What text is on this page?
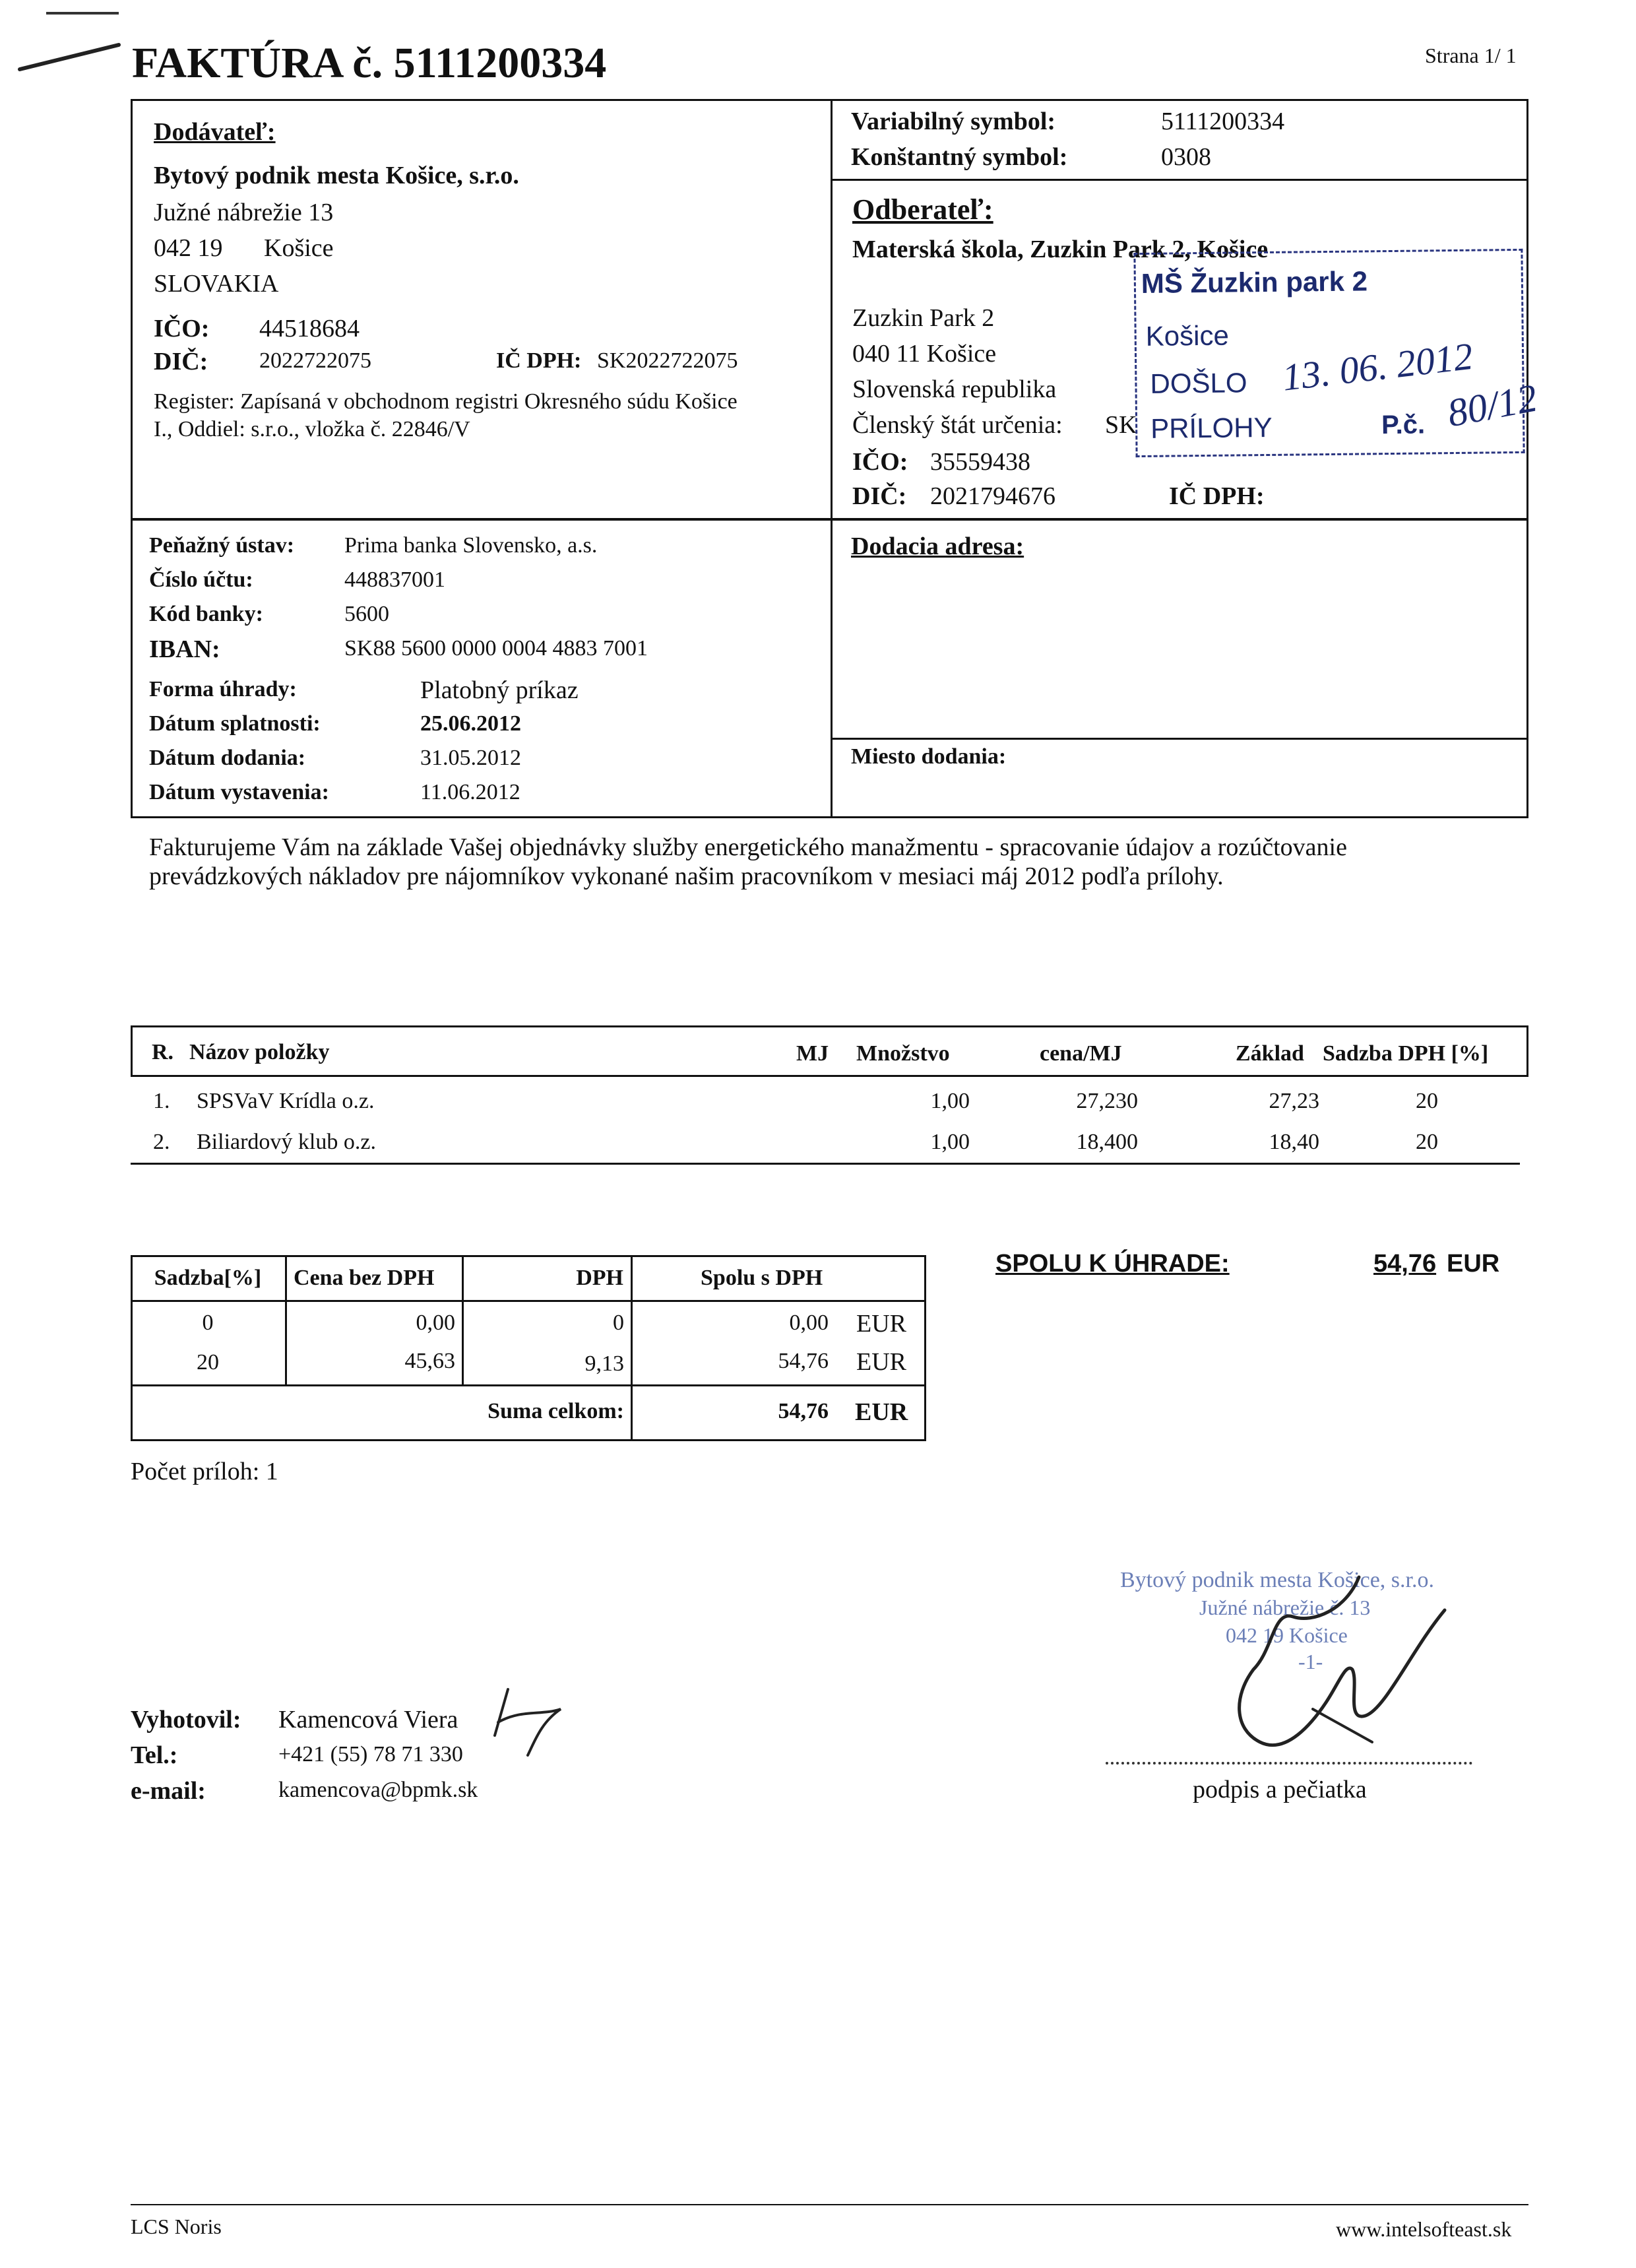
FAKTÚRA č. 5111200334	Strana 1/ 1
Dodávateľ:
Bytový podnik mesta Košice, s.r.o.
Južné nábrežie 13
042 19 Košice
SLOVAKIA
IČO: 44518684
DIČ: 2022722075	IČ DPH: SK2022722075
Register: Zapísaná v obchodnom registri Okresného súdu Košice
I., Oddiel: s.r.o., vložka č. 22846/V
Variabilný symbol:	5111200334
Konštantný symbol:	0308
Odberateľ:
Materská škola, Zuzkin Park 2, Košice
Zuzkin Park 2
040 11 Košice
Slovenská republika
Členský štát určenia: SK
IČO: 35559438
DIČ: 2021794676	IČ DPH:
MŠ Žuzkin park 2
Košice
DOŠLO 13. 06. 2012
PRÍLOHY	P.č. 80/12
Peňažný ústav: Prima banka Slovensko, a.s.
Číslo účtu:	448837001
Kód banky:	5600
IBAN:	SK88 5600 0000 0004 4883 7001
Forma úhrady:	Platobný príkaz
Dátum splatnosti:	25.06.2012
Dátum dodania:	31.05.2012
Dátum vystavenia:	11.06.2012
Dodacia adresa:
Miesto dodania:
Fakturujeme Vám na základe Vašej objednávky služby energetického manažmentu - spracovanie údajov a rozúčtovanie
prevádzkových nákladov pre nájomníkov vykonané našim pracovníkom v mesiaci máj 2012 podľa prílohy.
R. Názov položky	MJ Množstvo	cena/MJ	Základ Sadzba DPH [%]
1. SPSVaV Krídla o.z.	1,00	27,230	27,23	20
2. Biliardový klub o.z.	1,00	18,400	18,40	20
Sadzba[%]	Cena bez DPH	DPH	Spolu s DPH
0	0,00	0	0,00 EUR
20	45,63	9,13	54,76 EUR
Suma celkom:	54,76 EUR
SPOLU K ÚHRADE:	54,76 EUR
Počet príloh: 1
Bytový podnik mesta Košice, s.r.o.
Južné nábrežie č. 13
042 19 Košice
-1-
podpis a pečiatka
Vyhotovil: Kamencová Viera
Tel.:	+421 (55) 78 71 330
e-mail:	kamencova@bpmk.sk
LCS Noris	www.intelsofteast.sk
